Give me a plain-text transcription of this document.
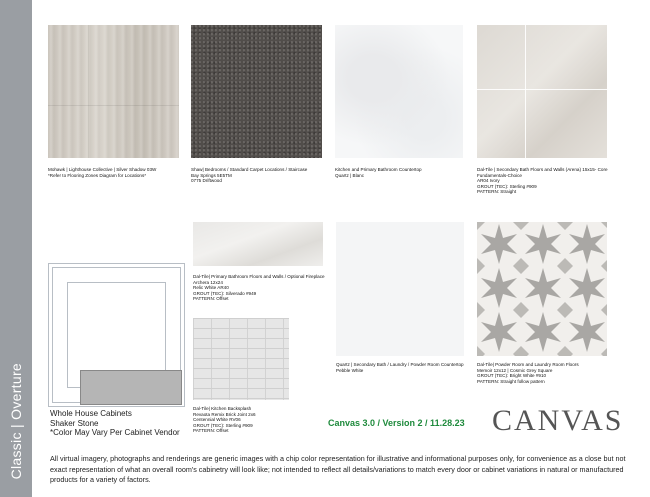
Classic | Overture
Mohawk | Lighthouse Collective | Silver Shadow 03W
*Refer to Flooring Zones Diagram for Locations*
Shaw| Bedrooms / Standard Carpet Locations / Staircase
Bay Springs 5E5TM
0775 Driftwood
Kitchen and Primary Bathroom Countertop
Quartz | Blanc
Dal-Tile | Secondary Bath Floors and Walls (Arena) 15x15- Core Fundamentals-Choice
AR04 Ivory
GROUT (TEC): Sterling #909
PATTERN: Straight
Whole House Cabinets
Shaker Stone
*Color May Vary Per Cabinet Vendor
Dal-Tile| Primary Bathroom Floors and Walls / Optional Fireplace
Archera 12x24
Relic White AR40
GROUT (TEC): Silverado #949
PATTERN: Offset
Dal-Tile| Kitchen Backsplash
Revaota Remix Brick Joint 2x6
Centennial White RV06
GROUT (TEC): Sterling #909
PATTERN: Offset
Quartz | Secondary Bath / Laundry / Powder Room Countertop
Pebble White
Dal-Tile| Powder Room and Laundry Room Floors
Memoir 12x12 | Cosmic Grey Square
GROUT (TEC): Bright White #910
PATTERN: Straight follow pattern
Canvas 3.0 / Version 2 / 11.28.23 CANVAS
All virtual imagery, photographs and renderings are generic images with a chip color representation for illustrative and informational purposes only, for convenience as a close but not exact representation of what an overall room's cabinetry will look like; not intended to reflect all details/variations to match every door or cabinet variations in natural or manufactured products for a variety of factors.
